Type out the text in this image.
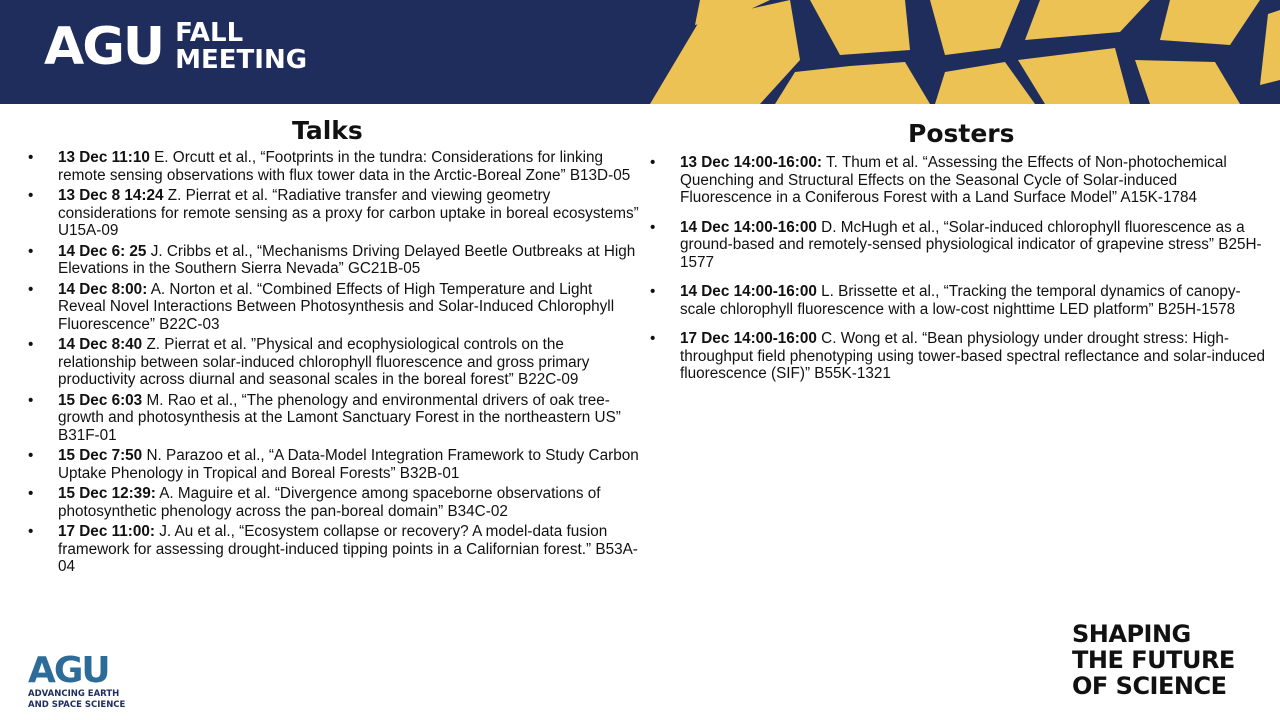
AGU FALL
MEETING
Talks
• 13 Dec 11:10 E. Orcutt et al., “Footprints in the tundra: Considerations for linking remote sensing observations with flux tower data in the Arctic-Boreal Zone” B13D-05
• 13 Dec 8 14:24 Z. Pierrat et al. “Radiative transfer and viewing geometry considerations for remote sensing as a proxy for carbon uptake in boreal ecosystems” U15A-09
• 14 Dec 6: 25 J. Cribbs et al., “Mechanisms Driving Delayed Beetle Outbreaks at High Elevations in the Southern Sierra Nevada” GC21B-05
• 14 Dec 8:00: A. Norton et al. “Combined Effects of High Temperature and Light Reveal Novel Interactions Between Photosynthesis and Solar-Induced Chlorophyll Fluorescence” B22C-03
• 14 Dec 8:40 Z. Pierrat et al. ”Physical and ecophysiological controls on the relationship between solar-induced chlorophyll fluorescence and gross primary productivity across diurnal and seasonal scales in the boreal forest” B22C-09
• 15 Dec 6:03 M. Rao et al., “The phenology and environmental drivers of oak tree-growth and photosynthesis at the Lamont Sanctuary Forest in the northeastern US” B31F-01
• 15 Dec 7:50 N. Parazoo et al., “A Data-Model Integration Framework to Study Carbon Uptake Phenology in Tropical and Boreal Forests” B32B-01
• 15 Dec 12:39: A. Maguire et al. “Divergence among spaceborne observations of photosynthetic phenology across the pan-boreal domain” B34C-02
• 17 Dec 11:00: J. Au et al., “Ecosystem collapse or recovery? A model-data fusion framework for assessing drought-induced tipping points in a Californian forest.” B53A-04
Posters
• 13 Dec 14:00-16:00: T. Thum et al. “Assessing the Effects of Non-photochemical Quenching and Structural Effects on the Seasonal Cycle of Solar-induced Fluorescence in a Coniferous Forest with a Land Surface Model” A15K-1784
• 14 Dec 14:00-16:00 D. McHugh et al., “Solar-induced chlorophyll fluorescence as a ground-based and remotely-sensed physiological indicator of grapevine stress” B25H-1577
• 14 Dec 14:00-16:00 L. Brissette et al., “Tracking the temporal dynamics of canopy-scale chlorophyll fluorescence with a low-cost nighttime LED platform” B25H-1578
• 17 Dec 14:00-16:00 C. Wong et al. “Bean physiology under drought stress: High-throughput field phenotyping using tower-based spectral reflectance and solar-induced fluorescence (SIF)” B55K-1321
AGU
ADVANCING EARTH
AND SPACE SCIENCE
SHAPING
THE FUTURE
OF SCIENCE
